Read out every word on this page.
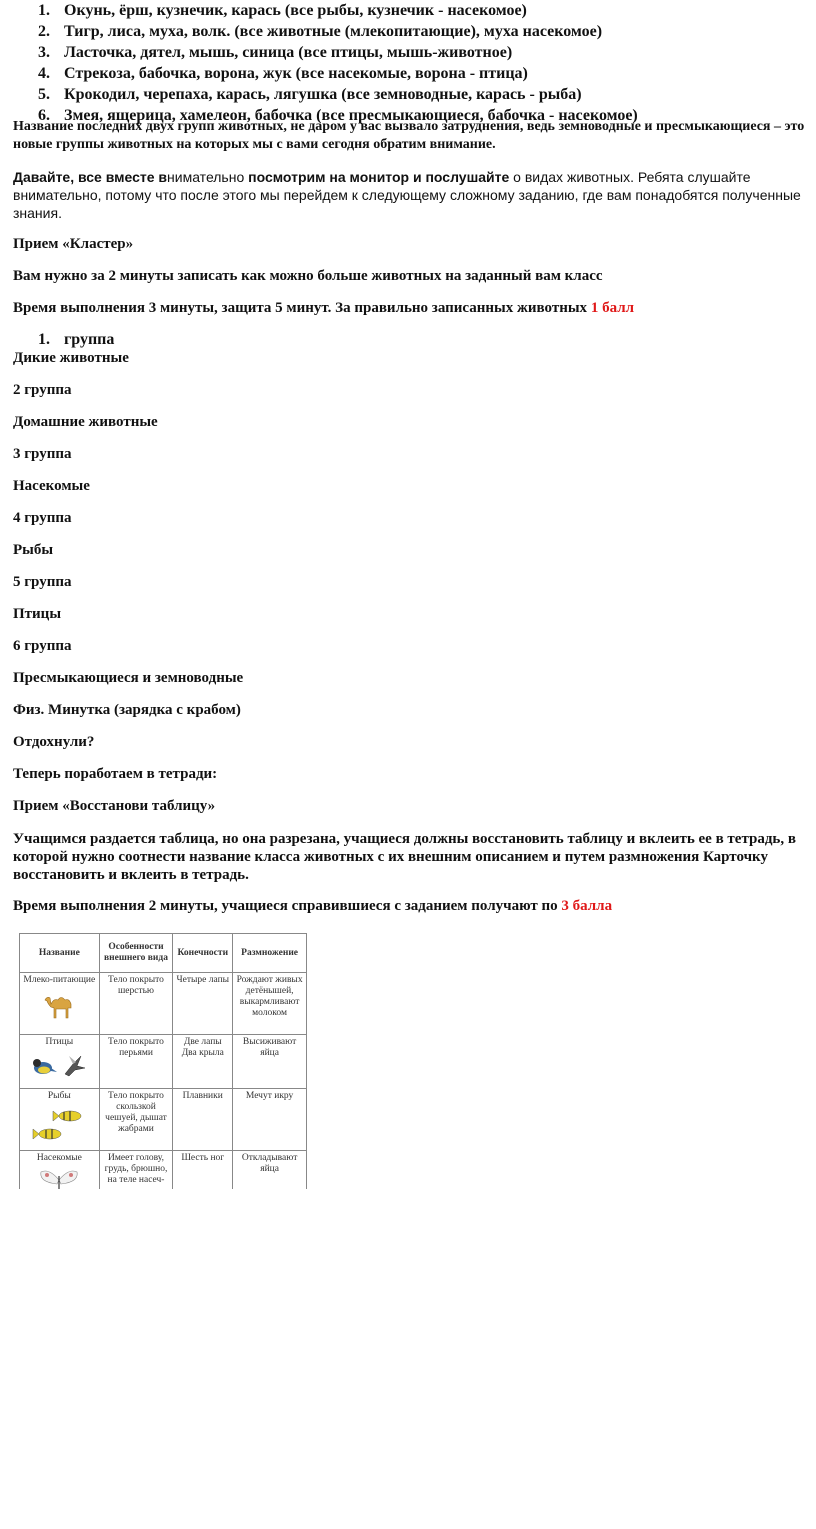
1. Окунь, ёрш, кузнечик, карась (все рыбы, кузнечик - насекомое)
2. Тигр, лиса, муха, волк. (все животные (млекопитающие), муха насекомое)
3. Ласточка, дятел, мышь, синица (все птицы, мышь-животное)
4. Стрекоза, бабочка, ворона, жук (все насекомые, ворона - птица)
5. Крокодил, черепаха, карась, лягушка (все земноводные, карась - рыба)
6. Змея, ящерица, хамелеон, бабочка (все пресмыкающиеся, бабочка - насекомое)

Название последних двух групп животных, не даром у вас вызвало затруднения, ведь земноводные и пресмыкающиеся – это новые группы животных на которых мы с вами сегодня обратим внимание.

Давайте, все вместе внимательно посмотрим на монитор и послушайте о видах животных. Ребята слушайте внимательно, потому что после этого мы перейдем к следующему сложному заданию, где вам понадобятся полученные знания.

Прием «Кластер»

Вам нужно за 2 минуты записать как можно больше животных на заданный вам класс

Время выполнения 3 минуты, защита 5 минут. За правильно записанных животных 1 балл

1. группа

Дикие животные

2 группа

Домашние животные

3 группа

Насекомые

4 группа

Рыбы

5 группа

Птицы

6 группа

Пресмыкающиеся и земноводные

Физ. Минутка (зарядка с крабом)

Отдохнули?

Теперь поработаем в тетради:

Прием «Восстанови таблицу»

Учащимся раздается таблица, но она разрезана, учащиеся должны восстановить таблицу и вклеить ее в тетрадь, в которой нужно соотнести название класса животных с их внешним описанием и путем размножения Карточку восстановить и вклеить в тетрадь.

Время выполнения 2 минуты, учащиеся справившиеся с заданием получают по 3 балла

Название	Особенности внешнего вида	Конечности	Размножение
Млеко-питающие	Тело покрыто шерстью	Четыре лапы	Рождают живых детёнышей, выкармливают молоком
Птицы	Тело покрыто перьями	Две лапы Два крыла	Высиживают яйца
Рыбы	Тело покрыто скользкой чешуей, дышат жабрами	Плавники	Мечут икру
Насекомые	Имеет голову, грудь, брюшно, на теле насеч-	Шесть ног	Откладывают яйца
